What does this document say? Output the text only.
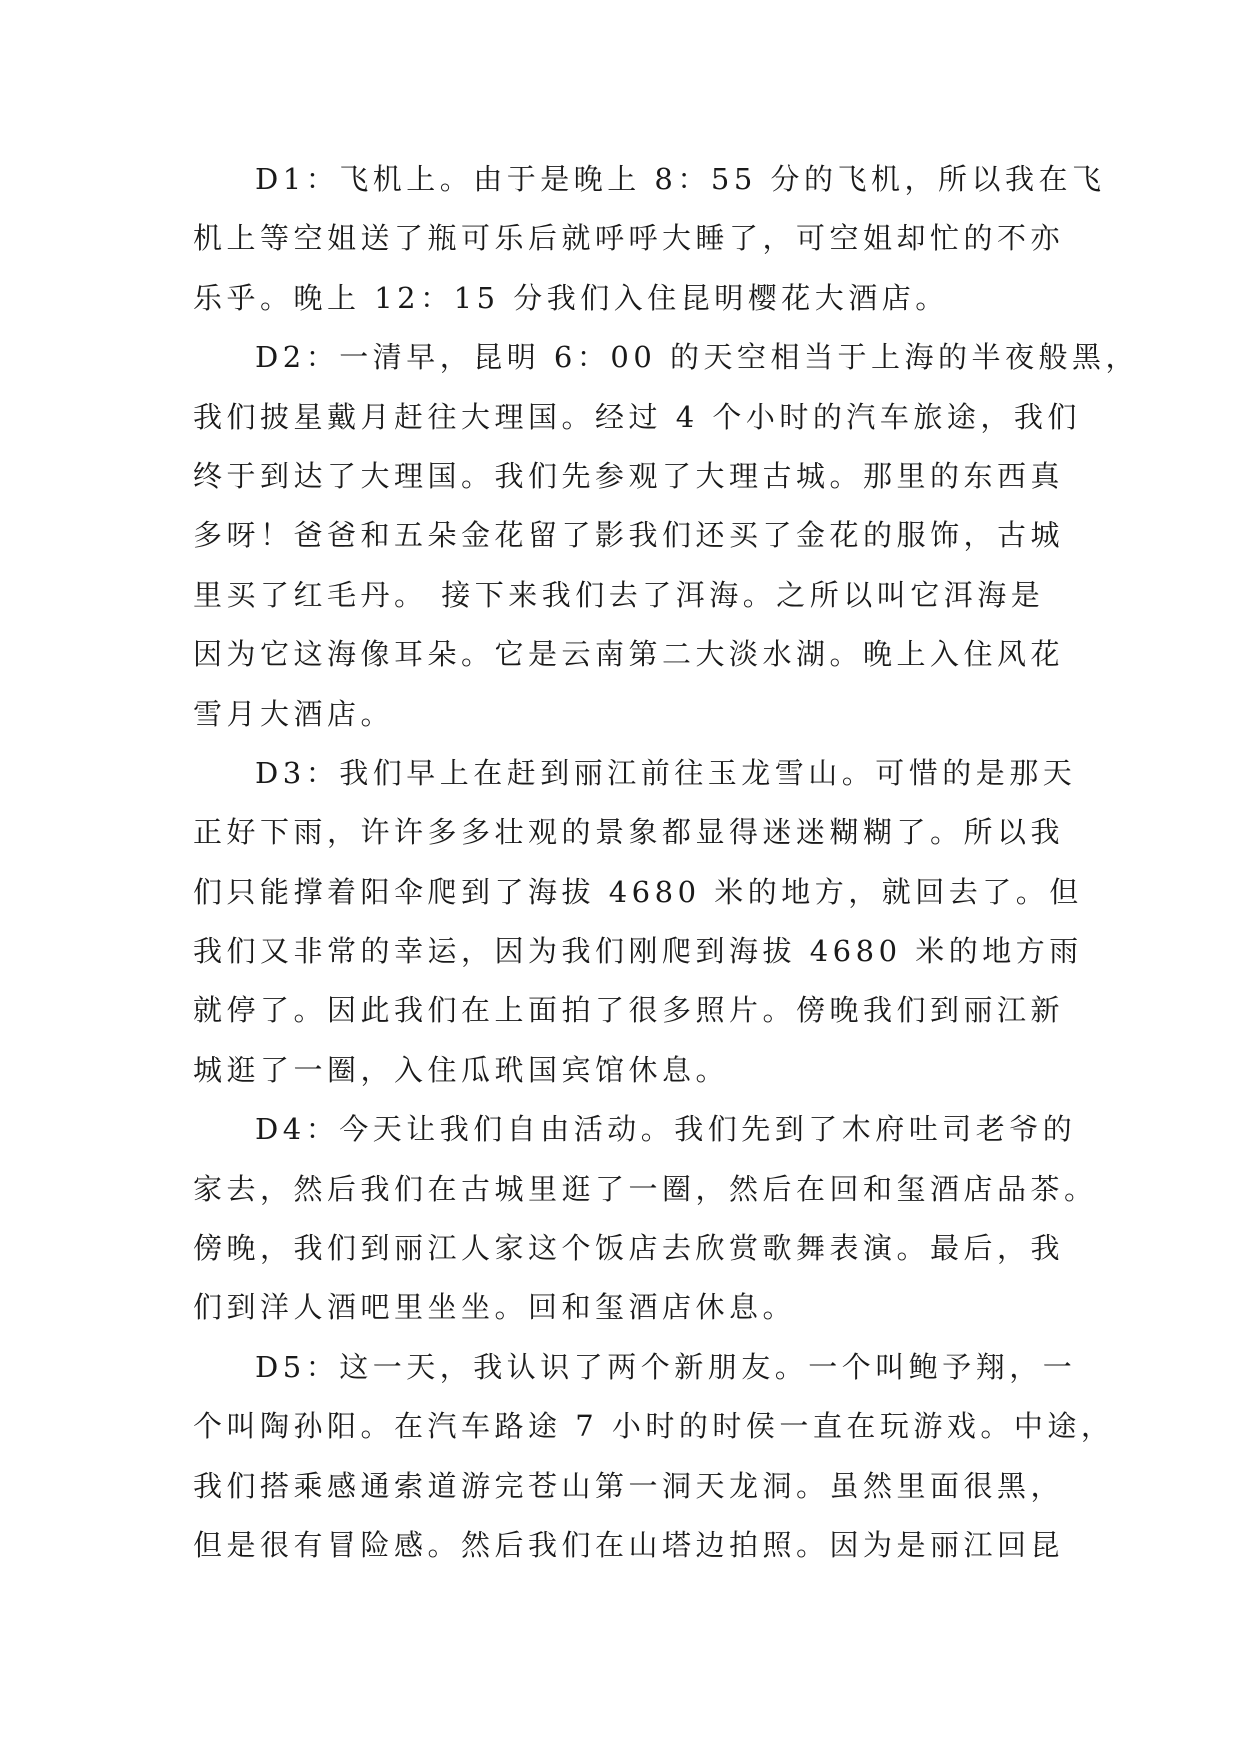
D1：飞机上。由于是晚上 8：55 分的飞机，所以我在飞
机上等空姐送了瓶可乐后就呼呼大睡了，可空姐却忙的不亦
乐乎。晚上 12：15 分我们入住昆明樱花大酒店。
D2：一清早，昆明 6：00 的天空相当于上海的半夜般黑，
我们披星戴月赶往大理国。经过 4 个小时的汽车旅途，我们
终于到达了大理国。我们先参观了大理古城。那里的东西真
多呀！爸爸和五朵金花留了影我们还买了金花的服饰，古城
里买了红毛丹。 接下来我们去了洱海。之所以叫它洱海是
因为它这海像耳朵。它是云南第二大淡水湖。晚上入住风花
雪月大酒店。
D3：我们早上在赶到丽江前往玉龙雪山。可惜的是那天
正好下雨，许许多多壮观的景象都显得迷迷糊糊了。所以我
们只能撑着阳伞爬到了海拔 4680 米的地方，就回去了。但
我们又非常的幸运，因为我们刚爬到海拔 4680 米的地方雨
就停了。因此我们在上面拍了很多照片。傍晚我们到丽江新
城逛了一圈，入住瓜玳国宾馆休息。
D4：今天让我们自由活动。我们先到了木府吐司老爷的
家去，然后我们在古城里逛了一圈，然后在回和玺酒店品茶。
傍晚，我们到丽江人家这个饭店去欣赏歌舞表演。最后，我
们到洋人酒吧里坐坐。回和玺酒店休息。
D5：这一天，我认识了两个新朋友。一个叫鲍予翔，一
个叫陶孙阳。在汽车路途 7 小时的时侯一直在玩游戏。中途，
我们搭乘感通索道游完苍山第一洞天龙洞。虽然里面很黑，
但是很有冒险感。然后我们在山塔边拍照。因为是丽江回昆
